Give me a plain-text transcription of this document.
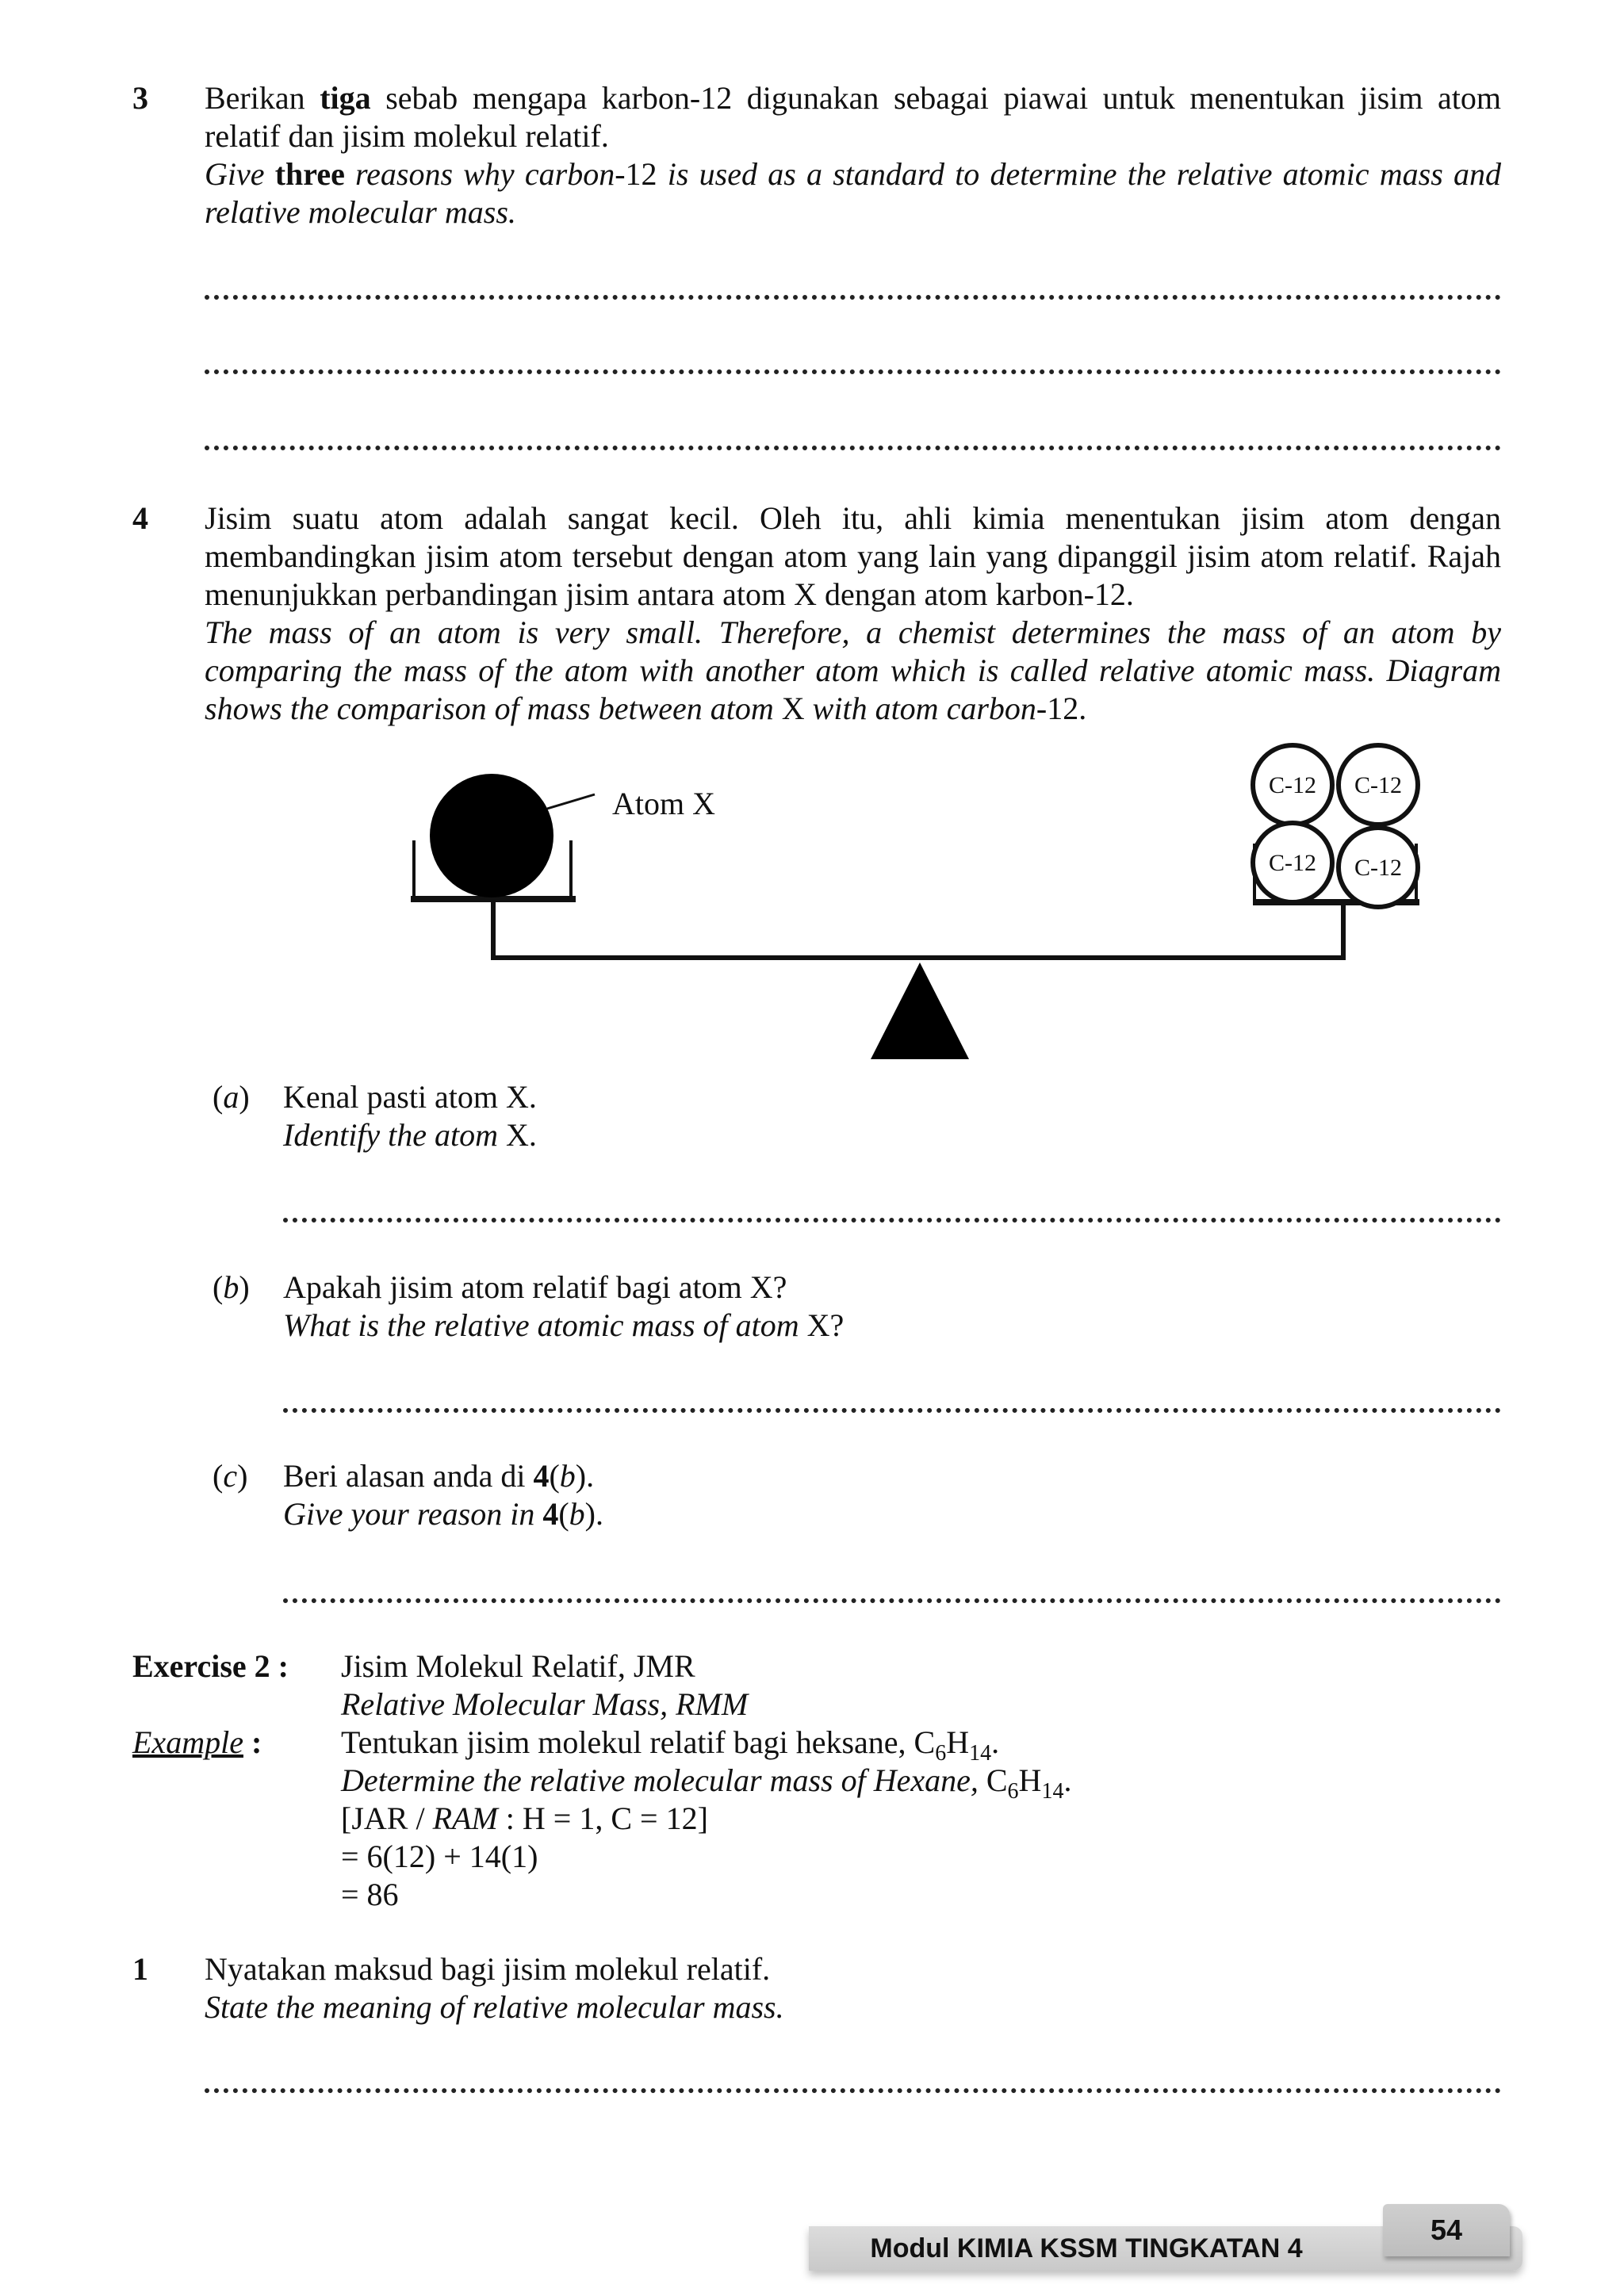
3 Berikan tiga sebab mengapa karbon-12 digunakan sebagai piawai untuk menentukan jisim atom relatif dan jisim molekul relatif.
Give three reasons why carbon-12 is used as a standard to determine the relative atomic mass and relative molecular mass.
4 Jisim suatu atom adalah sangat kecil. Oleh itu, ahli kimia menentukan jisim atom dengan membandingkan jisim atom tersebut dengan atom yang lain yang dipanggil jisim atom relatif. Rajah menunjukkan perbandingan jisim antara atom X dengan atom karbon-12.
The mass of an atom is very small. Therefore, a chemist determines the mass of an atom by comparing the mass of the atom with another atom which is called relative atomic mass. Diagram shows the comparison of mass between atom X with atom carbon-12.
Atom X
C-12 C-12
C-12 C-12
(a) Kenal pasti atom X.
Identify the atom X.
(b) Apakah jisim atom relatif bagi atom X?
What is the relative atomic mass of atom X?
(c) Beri alasan anda di 4(b).
Give your reason in 4(b).
Exercise 2 : Jisim Molekul Relatif, JMR
Relative Molecular Mass, RMM
Example : Tentukan jisim molekul relatif bagi heksane, $C_6H_{14}$.
Determine the relative molecular mass of Hexane, $C_6H_{14}$.
[JAR / RAM : H = 1, C = 12]
= 6(12) + 14(1)
= 86
1 Nyatakan maksud bagi jisim molekul relatif.
State the meaning of relative molecular mass.
Modul KIMIA KSSM TINGKATAN 4
54
